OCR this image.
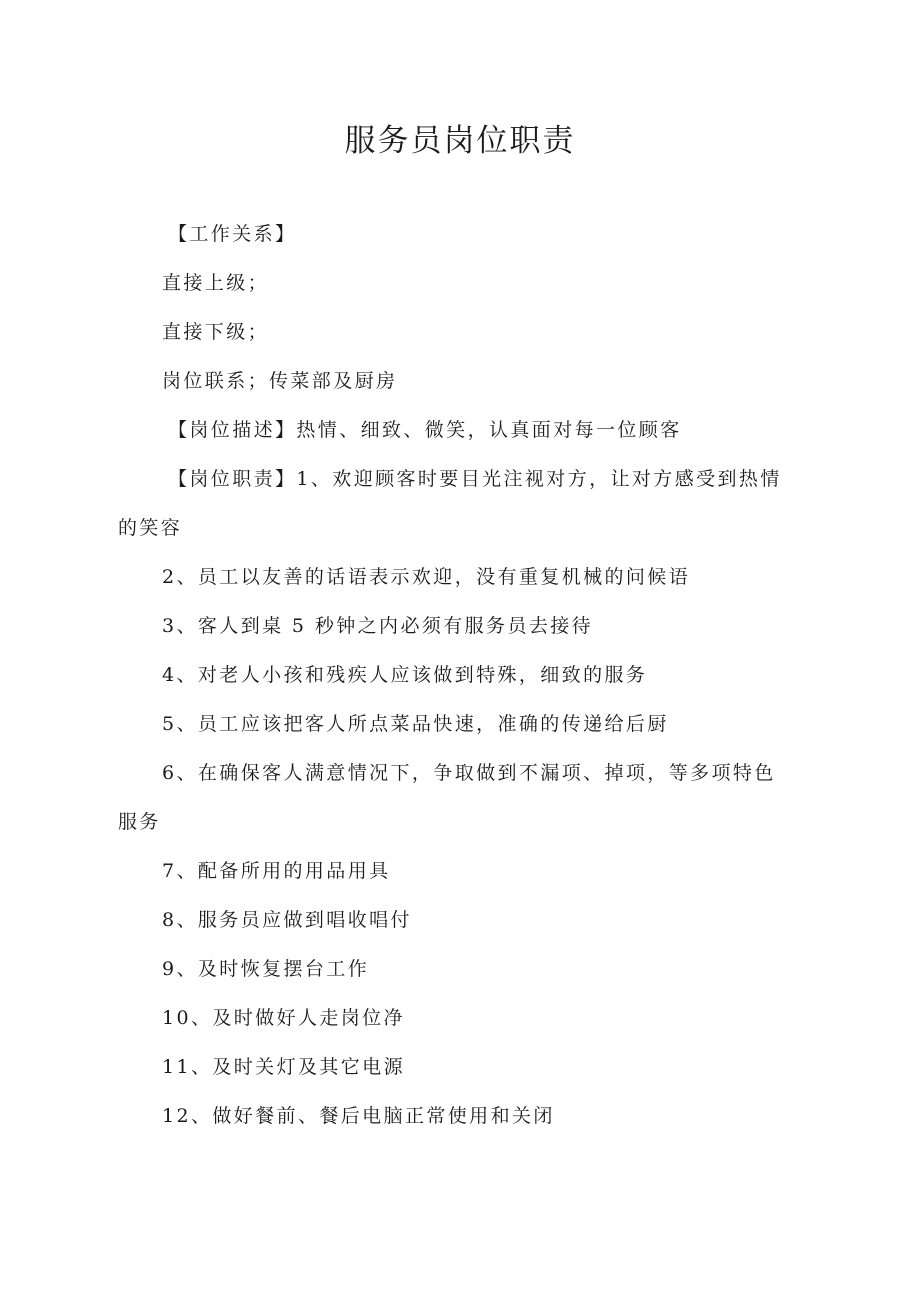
服务员岗位职责
【工作关系】
直接上级；
直接下级；
岗位联系；传菜部及厨房
【岗位描述】热情、细致、微笑，认真面对每一位顾客
【岗位职责】1、欢迎顾客时要目光注视对方，让对方感受到热情
的笑容
2、员工以友善的话语表示欢迎，没有重复机械的问候语
3、客人到桌 5 秒钟之内必须有服务员去接待
4、对老人小孩和残疾人应该做到特殊，细致的服务
5、员工应该把客人所点菜品快速，准确的传递给后厨
6、在确保客人满意情况下，争取做到不漏项、掉项，等多项特色
服务
7、配备所用的用品用具
8、服务员应做到唱收唱付
9、及时恢复摆台工作
10、及时做好人走岗位净
11、及时关灯及其它电源
12、做好餐前、餐后电脑正常使用和关闭
